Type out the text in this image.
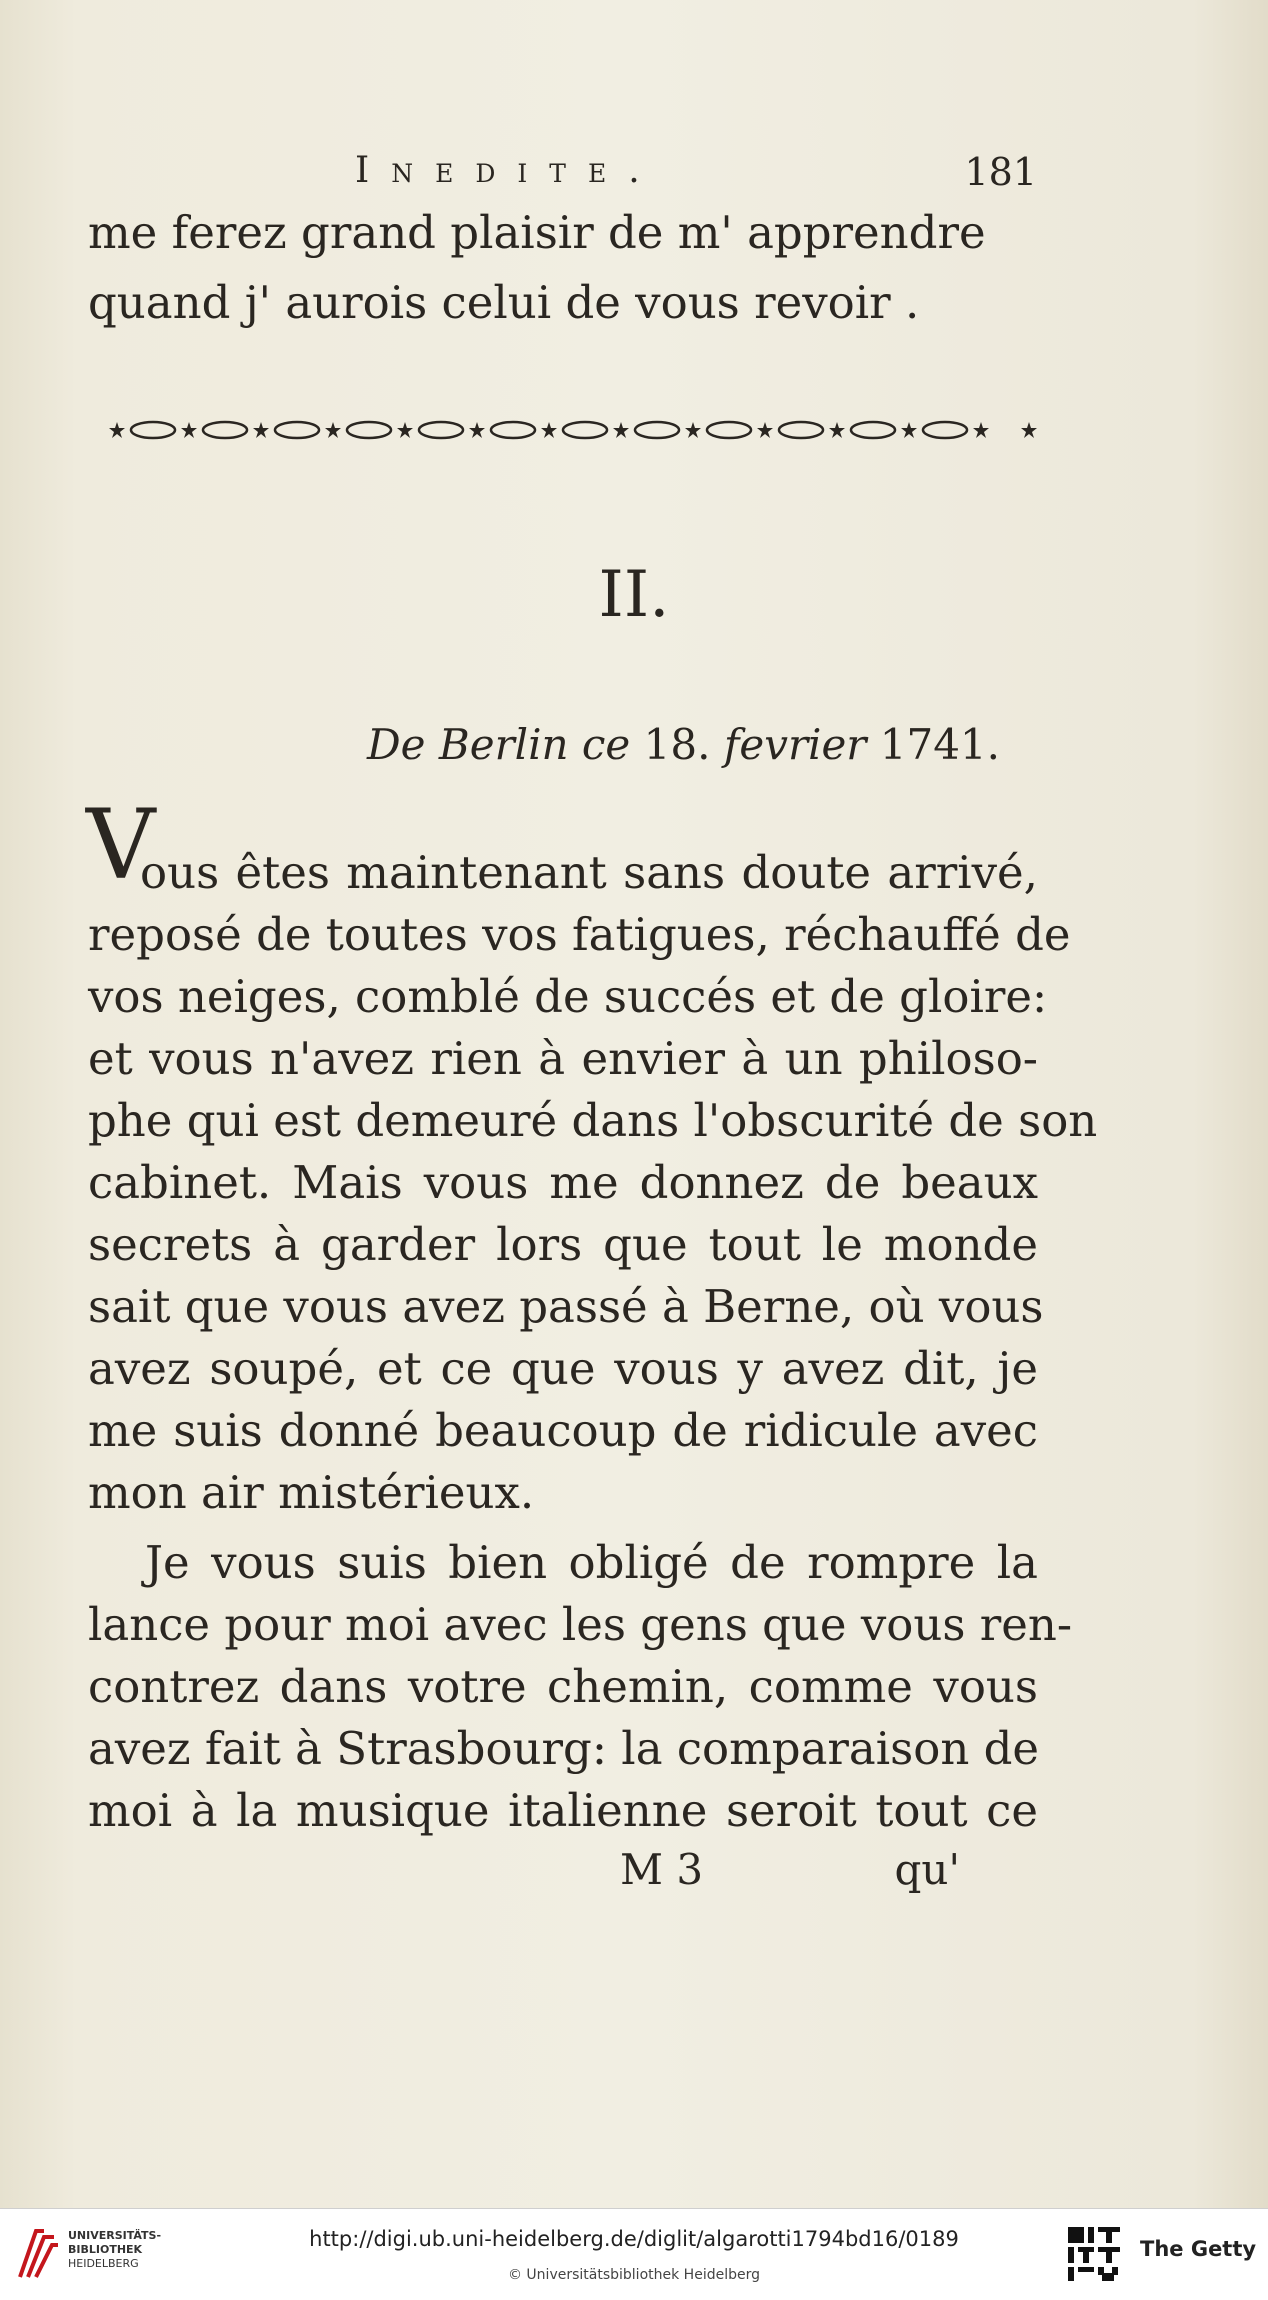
Inedite.	181
me ferez grand plaisir de m' apprendre
quand j' aurois celui de vous revoir .
II.
De Berlin ce 18. fevrier 1741.
V
ous êtes maintenant sans doute arrivé,
reposé de toutes vos fatigues, réchauffé de
vos neiges, comblé de succés et de gloire:
et vous n'avez rien à envier à un philoso-
phe qui est demeuré dans l'obscurité de son
cabinet. Mais vous me donnez de beaux
secrets à garder lors que tout le monde
sait que vous avez passé à Berne, où vous
avez soupé, et ce que vous y avez dit, je
me suis donné beaucoup de ridicule avec
mon air mistérieux.
Je vous suis bien obligé de rompre la
lance pour moi avec les gens que vous ren-
contrez dans votre chemin, comme vous
avez fait à Strasbourg: la comparaison de
moi à la musique italienne seroit tout ce
M 3	qu'
UNIVERSITÄTS-
BIBLIOTHEK
HEIDELBERG
http://digi.ub.uni-heidelberg.de/diglit/algarotti1794bd16/0189
© Universitätsbibliothek Heidelberg
The Getty
